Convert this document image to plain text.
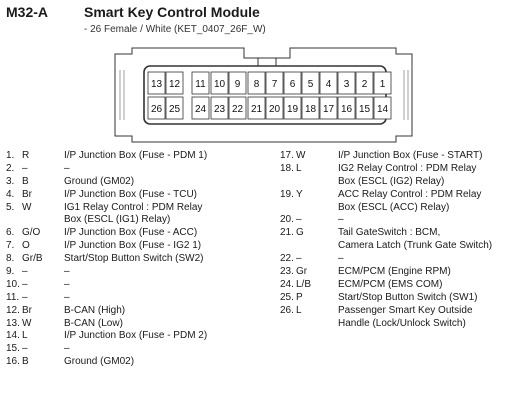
M32-A	Smart Key Control Module
- 26 Female / White (KET_0407_26F_W)
13 12 11 10 9 8 7 6 5 4 3 2 1
26 25 24 23 22 21 20 19 18 17 16 15 14
1. R	I/P Junction Box (Fuse - PDM 1)
2. –	–
3. B	Ground (GM02)
4. Br	I/P Junction Box (Fuse - TCU)
5. W	IG1 Relay Control : PDM Relay
Box (ESCL (IG1) Relay)
6. G/O	I/P Junction Box (Fuse - ACC)
7. O	I/P Junction Box (Fuse - IG2 1)
8. Gr/B	Start/Stop Button Switch (SW2)
9. –	–
10. –	–
11. –	–
12. Br	B-CAN (High)
13. W	B-CAN (Low)
14. L	I/P Junction Box (Fuse - PDM 2)
15. –	–
16. B	Ground (GM02)
17. W	I/P Junction Box (Fuse - START)
18. L	IG2 Relay Control : PDM Relay
Box (ESCL (IG2) Relay)
19. Y	ACC Relay Control : PDM Relay
Box (ESCL (ACC) Relay)
20. –	–
21. G	Tail GateSwitch : BCM,
Camera Latch (Trunk Gate Switch)
22. –	–
23. Gr	ECM/PCM (Engine RPM)
24. L/B	ECM/PCM (EMS COM)
25. P	Start/Stop Button Switch (SW1)
26. L	Passenger Smart Key Outside
Handle (Lock/Unlock Switch)
